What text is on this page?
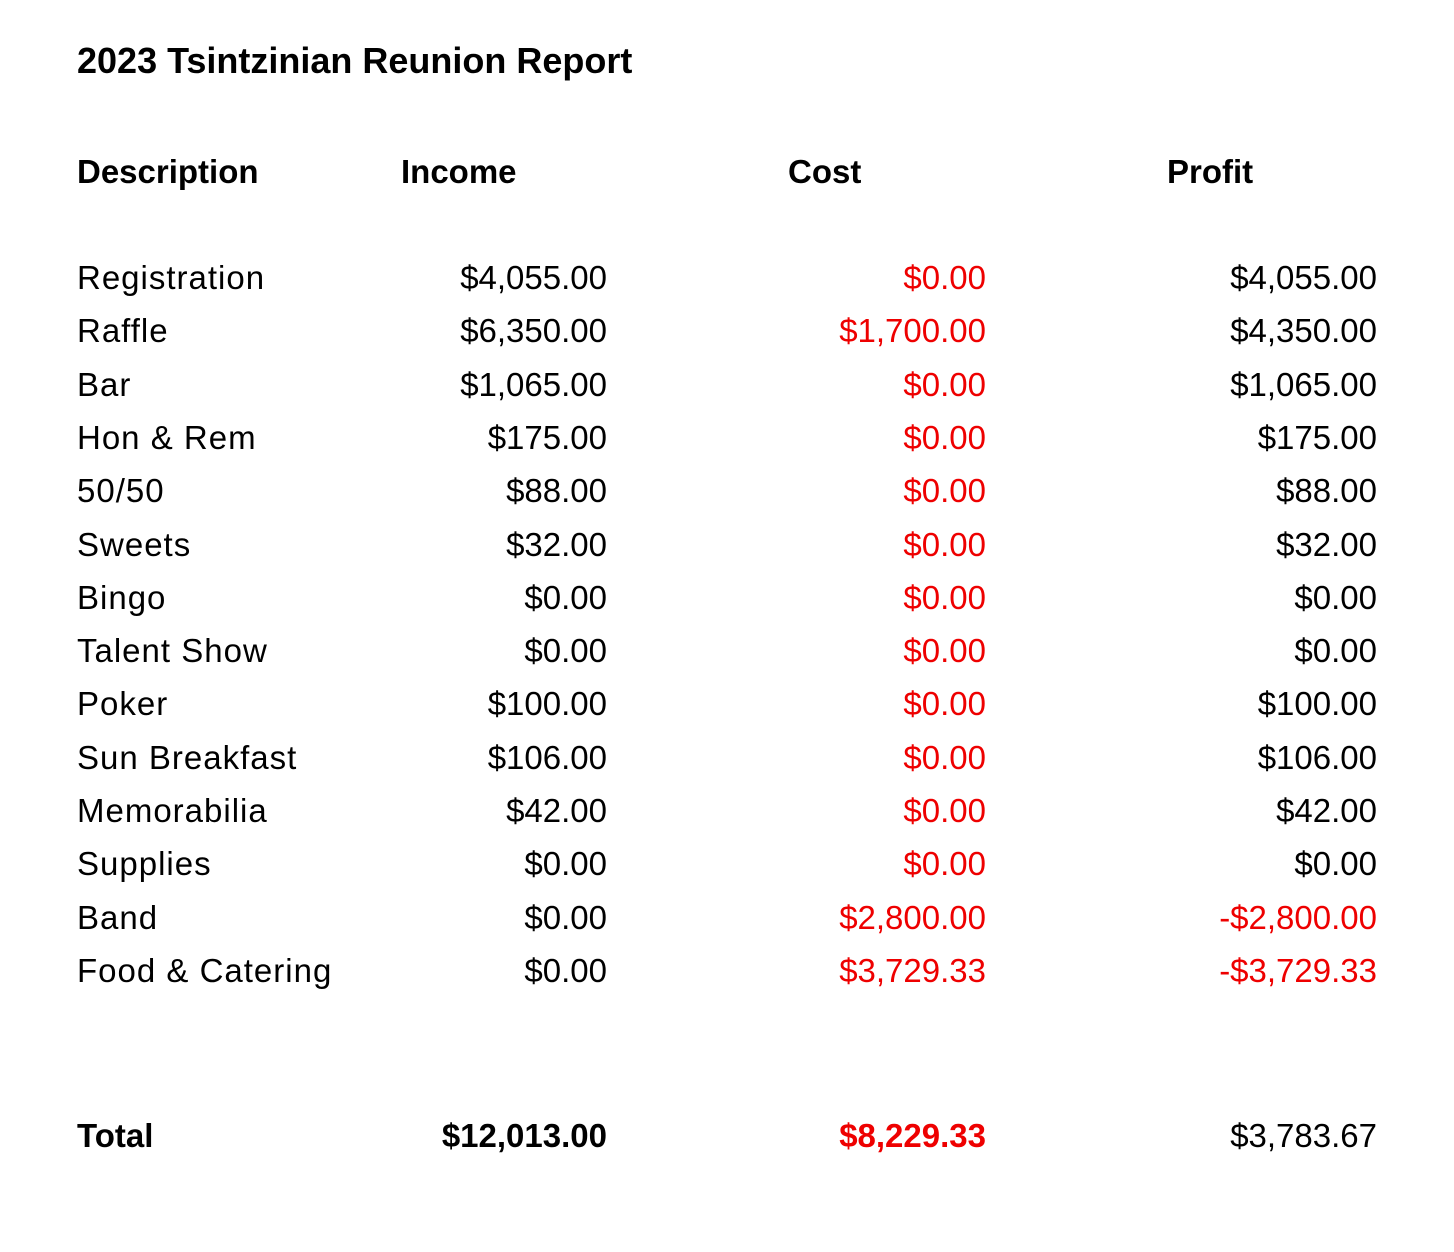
2023 Tsintzinian Reunion Report
Description	Income	Cost	Profit
Registration	$4,055.00	$0.00	$4,055.00
Raffle	$6,350.00	$1,700.00	$4,350.00
Bar	$1,065.00	$0.00	$1,065.00
Hon & Rem	$175.00	$0.00	$175.00
50/50	$88.00	$0.00	$88.00
Sweets	$32.00	$0.00	$32.00
Bingo	$0.00	$0.00	$0.00
Talent Show	$0.00	$0.00	$0.00
Poker	$100.00	$0.00	$100.00
Sun Breakfast	$106.00	$0.00	$106.00
Memorabilia	$42.00	$0.00	$42.00
Supplies	$0.00	$0.00	$0.00
Band	$0.00	$2,800.00	-$2,800.00
Food & Catering	$0.00	$3,729.33	-$3,729.33
Total	$12,013.00	$8,229.33	$3,783.67
